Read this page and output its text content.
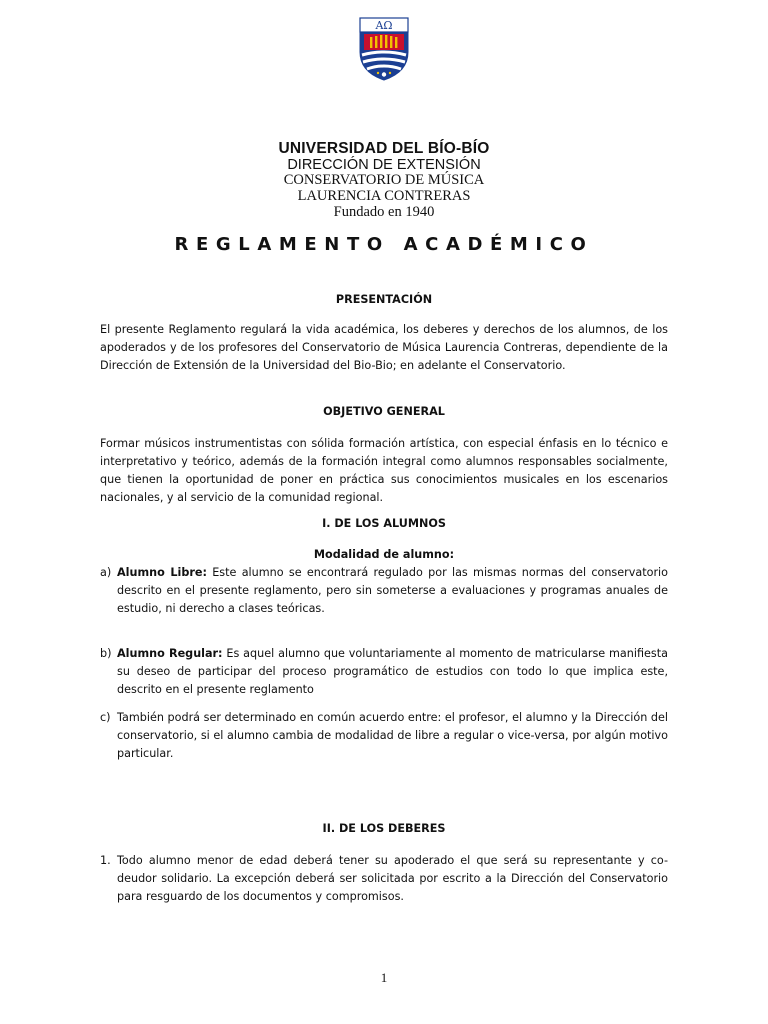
AΩ
UNIVERSIDAD DEL BÍO-BÍO
DIRECCIÓN DE EXTENSIÓN
CONSERVATORIO DE MÚSICA
LAURENCIA CONTRERAS
Fundado en 1940
REGLAMENTO ACADÉMICO
PRESENTACIÓN
El presente Reglamento regulará la vida académica, los deberes y derechos de los alumnos, de los apoderados y de los profesores del Conservatorio de Música Laurencia Contreras, dependiente de la Dirección de Extensión de la Universidad del Bio-Bio; en adelante el Conservatorio.
OBJETIVO GENERAL
Formar músicos instrumentistas con sólida formación artística, con especial énfasis en lo técnico e interpretativo y teórico, además de la formación integral como alumnos responsables socialmente, que tienen la oportunidad de poner en práctica sus conocimientos musicales en los escenarios nacionales, y al servicio de la comunidad regional.
I. DE LOS ALUMNOS
Modalidad de alumno:
a) Alumno Libre: Este alumno se encontrará regulado por las mismas normas del conservatorio descrito en el presente reglamento, pero sin someterse a evaluaciones y programas anuales de estudio, ni derecho a clases teóricas.
b) Alumno Regular: Es aquel alumno que voluntariamente al momento de matricularse manifiesta su deseo de participar del proceso programático de estudios con todo lo que implica este, descrito en el presente reglamento
c) También podrá ser determinado en común acuerdo entre: el profesor, el alumno y la Dirección del conservatorio, si el alumno cambia de modalidad de libre a regular o vice-versa, por algún motivo particular.
II. DE LOS DEBERES
1. Todo alumno menor de edad deberá tener su apoderado el que será su representante y co-deudor solidario. La excepción deberá ser solicitada por escrito a la Dirección del Conservatorio para resguardo de los documentos y compromisos.
1
